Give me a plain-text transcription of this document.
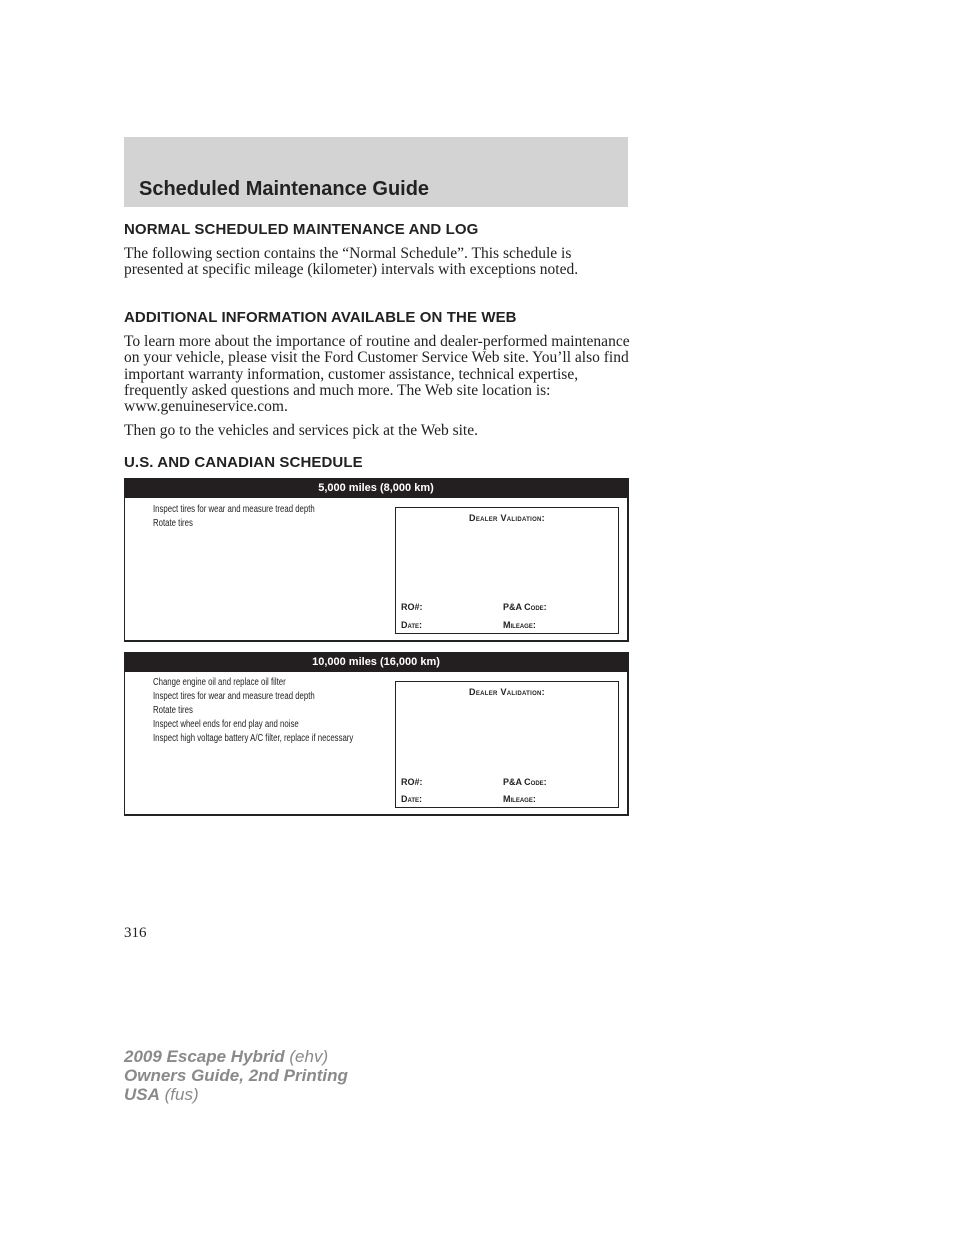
Scheduled Maintenance Guide
NORMAL SCHEDULED MAINTENANCE AND LOG

The following section contains the “Normal Schedule”. This schedule is presented at specific mileage (kilometer) intervals with exceptions noted.

ADDITIONAL INFORMATION AVAILABLE ON THE WEB

To learn more about the importance of routine and dealer-performed maintenance on your vehicle, please visit the Ford Customer Service Web site. You’ll also find important warranty information, customer assistance, technical expertise, frequently asked questions and much more. The Web site location is: www.genuineservice.com.

Then go to the vehicles and services pick at the Web site.

U.S. AND CANADIAN SCHEDULE
5,000 miles (8,000 km)
Inspect tires for wear and measure tread depth
Rotate tires	Dealer Validation:
RO#:	P&A Code:
Date:	Mileage:
10,000 miles (16,000 km)
Change engine oil and replace oil filter
Inspect tires for wear and measure tread depth
Rotate tires
Inspect wheel ends for end play and noise
Inspect high voltage battery A/C filter, replace if necessary
Dealer Validation:
RO#:	P&A Code:
Date:	Mileage:

316

2009 Escape Hybrid (ehv)
Owners Guide, 2nd Printing
USA (fus)
